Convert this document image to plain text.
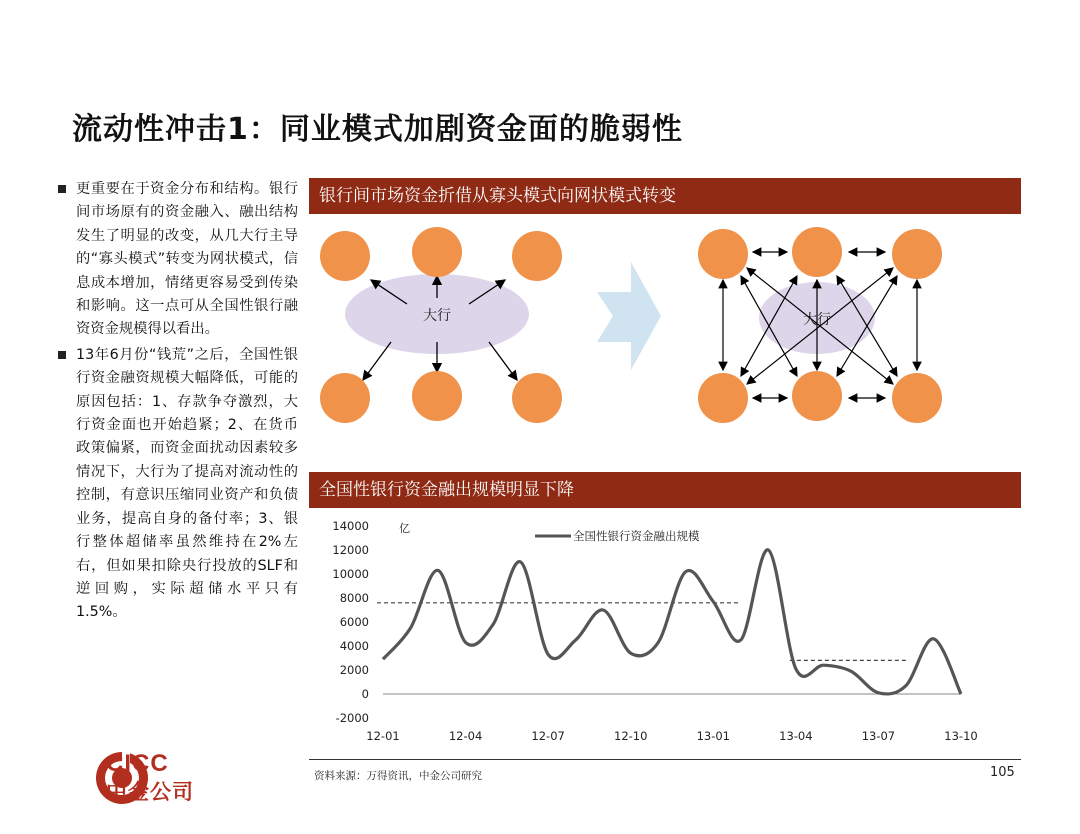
流动性冲击1：同业模式加剧资金面的脆弱性
更重要在于资金分布和结构。银行间市场原有的资金融入、融出结构发生了明显的改变，从几大行主导的“寡头模式”转变为网状模式，信息成本增加，情绪更容易受到传染和影响。这一点可从全国性银行融资资金规模得以看出。
13年6月份“钱荒”之后，全国性银行资金融资规模大幅降低，可能的原因包括：1、存款争夺激烈，大行资金面也开始趋紧；2、在货币政策偏紧，而资金面扰动因素较多情况下，大行为了提高对流动性的控制，有意识压缩同业资产和负债业务，提高自身的备付率；3、银行整体超储率虽然维持在2%左右，但如果扣除央行投放的SLF和逆回购，实际超储水平只有1.5%。
银行间市场资金折借从寡头模式向网状模式转变
大行	大行
全国性银行资金融出规模明显下降
-2000
0
2000
4000
6000
8000
10000
12000
14000
12-01	12-04	12-07	12-10	13-01	13-04	13-07	13-10
亿
全国性银行资金融出规模
资料来源：万得资讯，中金公司研究	105
CICC
中金公司
